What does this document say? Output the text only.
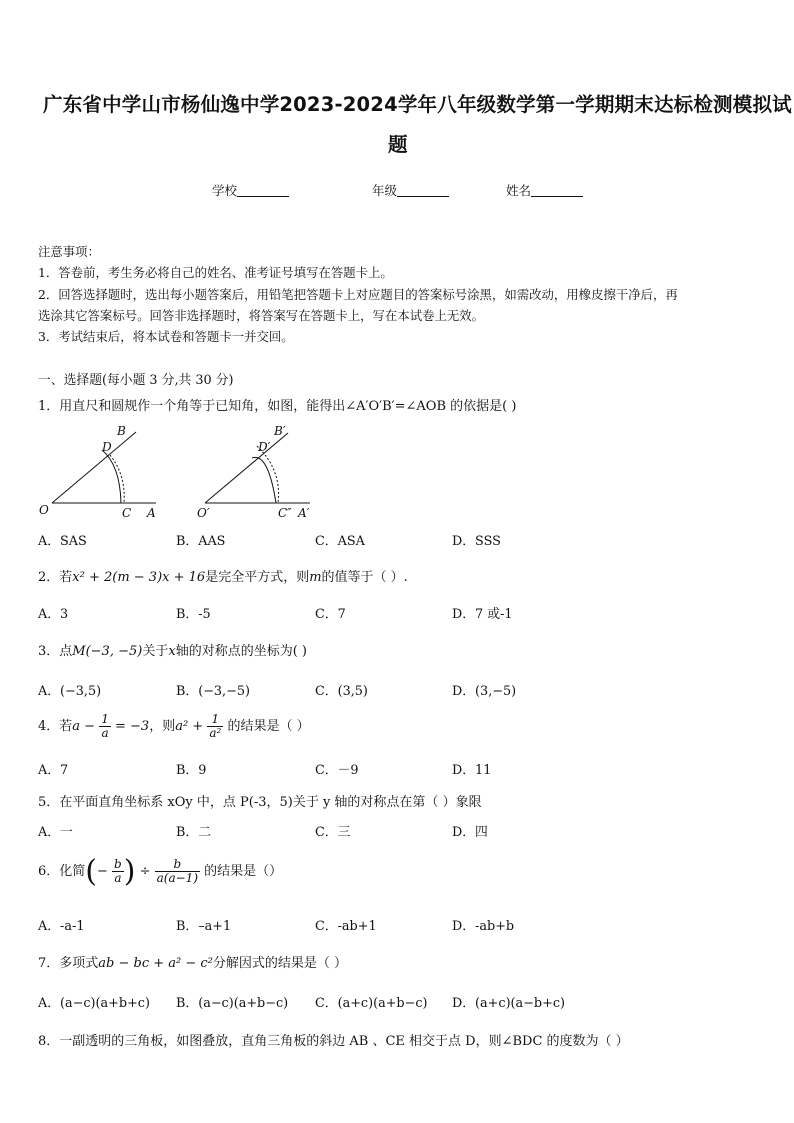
广东省中学山市杨仙逸中学2023-2024学年八年级数学第一学期期末达标检测模拟试
题
学校	年级	姓名
注意事项：
1．答卷前，考生务必将自己的姓名、准考证号填写在答题卡上。
2．回答选择题时，选出每小题答案后，用铅笔把答题卡上对应题目的答案标号涂黑，如需改动，用橡皮擦干净后，再
选涂其它答案标号。回答非选择题时，将答案写在答题卡上，写在本试卷上无效。
3．考试结束后，将本试卷和答题卡一并交回。
一、选择题(每小题 3 分,共 30 分)
1．用直尺和圆规作一个角等于已知角，如图，能得出∠A′O′B′=∠AOB 的依据是( )
B
D
O	C A
B′
D′
O′	C″ A′
A．SAS	B．AAS	C．ASA	D．SSS
2．若x² + 2(m − 3)x + 16是完全平方式，则m的值等于（ ）.
A．3	B．-5	C．7	D．7 或-1
3．点M(−3, −5)关于x轴的对称点的坐标为( )
A．(−3,5)	B．(−3,−5)	C．(3,5)	D．(3,−5)
4．若$a - \frac{1}{a} = -3$，则$a^2 + \frac{1}{\text{a²}}$ 的结果是（ ）
A．7	B．9	C．－9	D．11
5．在平面直角坐标系 xOy 中，点 P(-3，5)关于 y 轴的对称点在第（ ）象限
A．一	B．二	C．三	D．四
6．化简(− $\frac{b}{a}$ ) ÷ $\frac{b}{a(a-1)}$ 的结果是（）
A．-a-1	B．–a+1	C．-ab+1	D．-ab+b
7．多项式ab − bc + a² − c²分解因式的结果是（ ）
A．(a−c)(a+b+c) B．(a−c)(a+b−c) C．(a+c)(a+b−c) D．(a+c)(a−b+c)
8．一副透明的三角板，如图叠放，直角三角板的斜边 AB 、CE 相交于点 D，则∠BDC 的度数为（ ）
